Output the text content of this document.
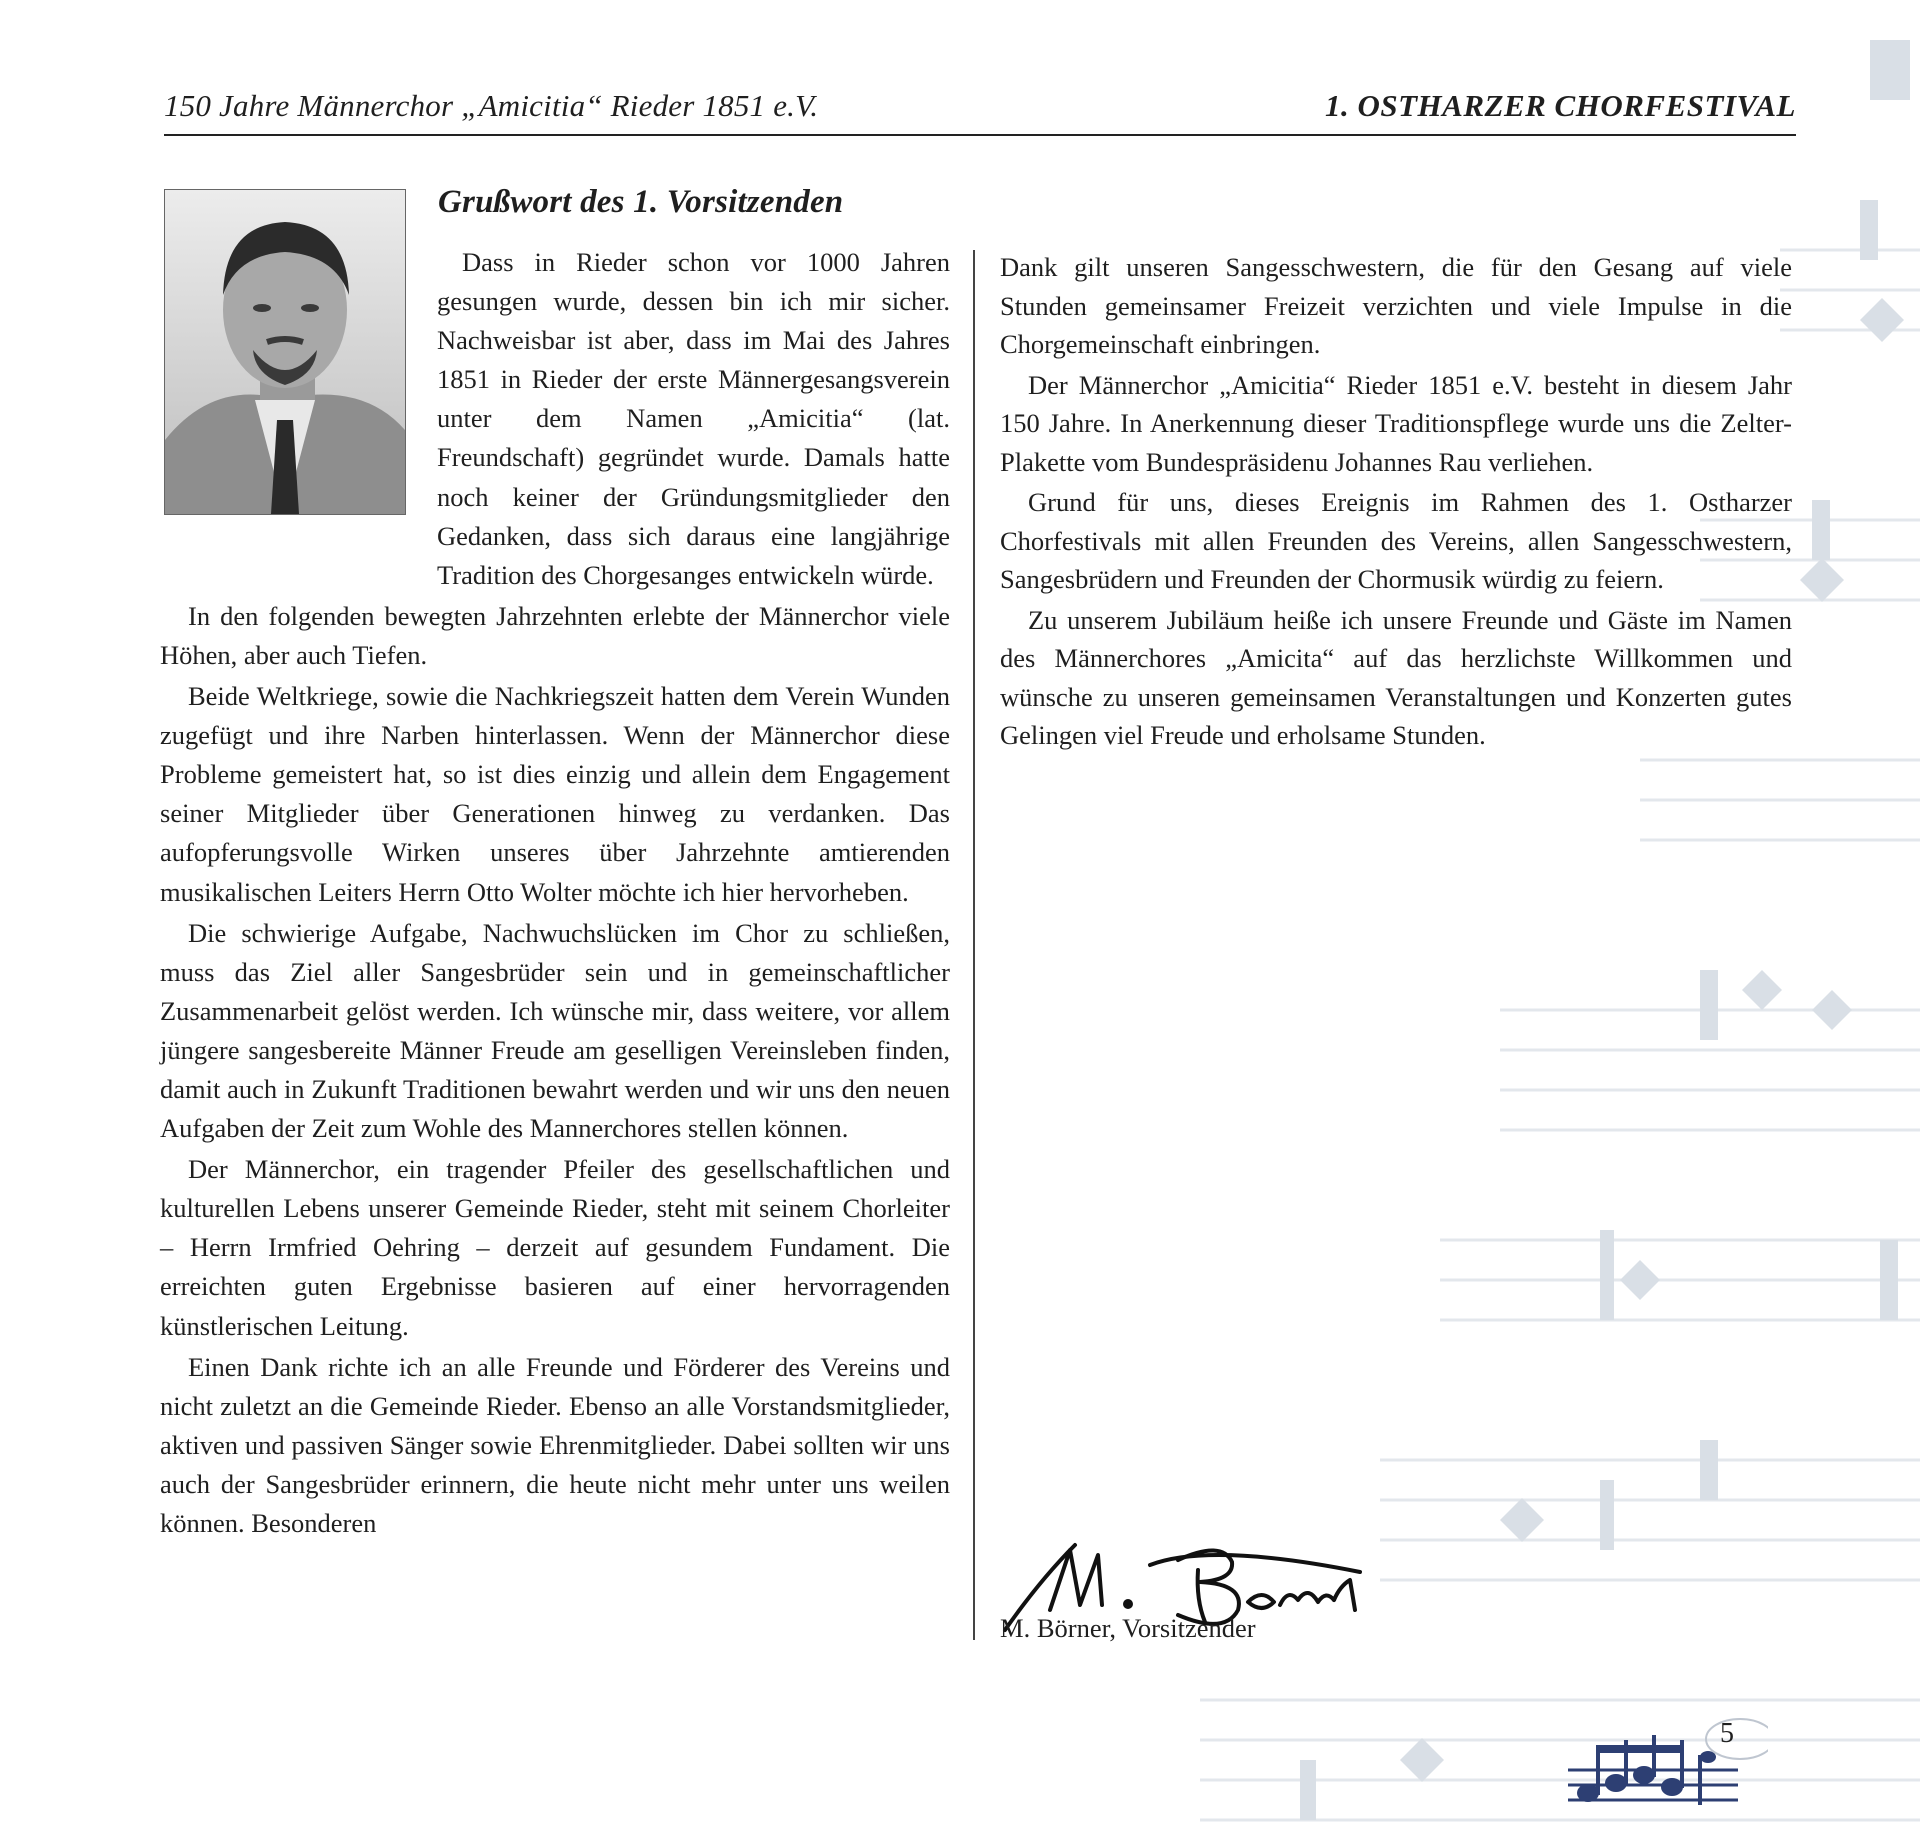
150 Jahre Männerchor „Amicitia“ Rieder 1851 e.V.	1. OSTHARZER CHORFESTIVAL
Grußwort des 1. Vorsitzenden

Dass in Rieder schon vor 1000 Jahren gesungen wurde, dessen bin ich mir sicher. Nachweisbar ist aber, dass im Mai des Jahres 1851 in Rieder der erste Männergesangsverein unter dem Namen „Amicitia“ (lat. Freundschaft) gegründet wurde. Damals hatte noch keiner der Gründungsmitglieder den Gedanken, dass sich daraus eine langjährige Tradition des Chorgesanges entwickeln würde.

In den folgenden bewegten Jahrzehnten erlebte der Männerchor viele Höhen, aber auch Tiefen.

Beide Weltkriege, sowie die Nachkriegszeit hatten dem Verein Wunden zugefügt und ihre Narben hinterlassen. Wenn der Männerchor diese Probleme gemeistert hat, so ist dies einzig und allein dem Engagement seiner Mitglieder über Generationen hinweg zu verdanken. Das aufopferungsvolle Wirken unseres über Jahrzehnte amtierenden musikalischen Leiters Herrn Otto Wolter möchte ich hier hervorheben.

Die schwierige Aufgabe, Nachwuchslücken im Chor zu schließen, muss das Ziel aller Sangesbrüder sein und in gemeinschaftlicher Zusammenarbeit gelöst werden. Ich wünsche mir, dass weitere, vor allem jüngere sangesbereite Männer Freude am geselligen Vereinsleben finden, damit auch in Zukunft Traditionen bewahrt werden und wir uns den neuen Aufgaben der Zeit zum Wohle des Mannerchores stellen können.

Der Männerchor, ein tragender Pfeiler des gesellschaftlichen und kulturellen Lebens unserer Gemeinde Rieder, steht mit seinem Chorleiter – Herrn Irmfried Oehring – derzeit auf gesundem Fundament. Die erreichten guten Ergebnisse basieren auf einer hervorragenden künstlerischen Leitung.

Einen Dank richte ich an alle Freunde und Förderer des Vereins und nicht zuletzt an die Gemeinde Rieder. Ebenso an alle Vorstandsmitglieder, aktiven und passiven Sänger sowie Ehrenmitglieder. Dabei sollten wir uns auch der Sangesbrüder erinnern, die heute nicht mehr unter uns weilen können. Besonderen

Dank gilt unseren Sangesschwestern, die für den Gesang auf viele Stunden gemeinsamer Freizeit verzichten und viele Impulse in die Chorgemeinschaft einbringen.

Der Männerchor „Amicitia“ Rieder 1851 e.V. besteht in diesem Jahr 150 Jahre. In Anerkennung dieser Traditionspflege wurde uns die Zelter-Plakette vom Bundespräsidenu Johannes Rau verliehen.

Grund für uns, dieses Ereignis im Rahmen des 1. Ostharzer Chorfestivals mit allen Freunden des Vereins, allen Sangesschwestern, Sangesbrüdern und Freunden der Chormusik würdig zu feiern.

Zu unserem Jubiläum heiße ich unsere Freunde und Gäste im Namen des Männerchores „Amicita“ auf das herzlichste Willkommen und wünsche zu unseren gemeinsamen Veranstaltungen und Konzerten gutes Gelingen viel Freude und erholsame Stunden.

M. Börner, Vorsitzender
5
